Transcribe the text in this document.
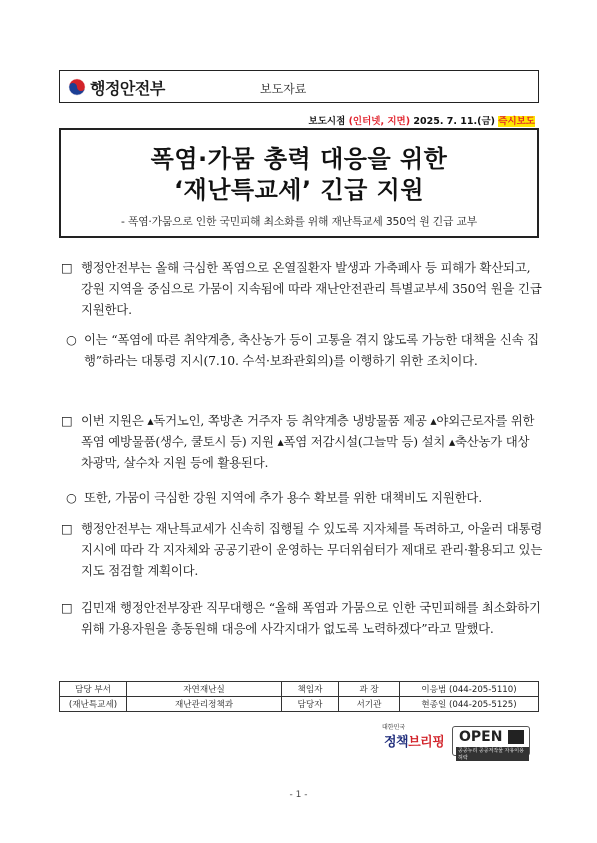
행정안전부	보도자료
보도시점 (인터넷, 지면) 2025. 7. 11.(금) 즉시보도
폭염·가뭄 총력 대응을 위한
‘재난특교세’ 긴급 지원
- 폭염·가뭄으로 인한 국민피해 최소화를 위해 재난특교세 350억 원 긴급 교부
□ 행정안전부는 올해 극심한 폭염으로 온열질환자 발생과 가축폐사 등 피해가 확산되고, 강원 지역을 중심으로 가뭄이 지속됨에 따라 재난안전관리 특별교부세 350억 원을 긴급 지원한다.
○ 이는 “폭염에 따른 취약계층, 축산농가 등이 고통을 겪지 않도록 가능한 대책을 신속 집행”하라는 대통령 지시(7.10. 수석·보좌관회의)를 이행하기 위한 조치이다.
□ 이번 지원은 ▴독거노인, 쪽방촌 거주자 등 취약계층 냉방물품 제공 ▴야외근로자를 위한 폭염 예방물품(생수, 쿨토시 등) 지원 ▴폭염 저감시설(그늘막 등) 설치 ▴축산농가 대상 차광막, 살수차 지원 등에 활용된다.
○ 또한, 가뭄이 극심한 강원 지역에 추가 용수 확보를 위한 대책비도 지원한다.
□ 행정안전부는 재난특교세가 신속히 집행될 수 있도록 지자체를 독려하고, 아울러 대통령 지시에 따라 각 지자체와 공공기관이 운영하는 무더위쉼터가 제대로 관리·활용되고 있는지도 점검할 계획이다.
□ 김민재 행정안전부장관 직무대행은 “올해 폭염과 가뭄으로 인한 국민피해를 최소화하기 위해 가용자원을 총동원해 대응에 사각지대가 없도록 노력하겠다”라고 말했다.
담당 부서	자연재난실	책임자	과 장	이응범 (044-205-5110)
(재난특교세)	재난관리정책과	담당자	서기관	현종일 (044-205-5125)
대한민국
정책브리핑 OPEN
공공누리 공공저작물 자유이용허락
- 1 -
